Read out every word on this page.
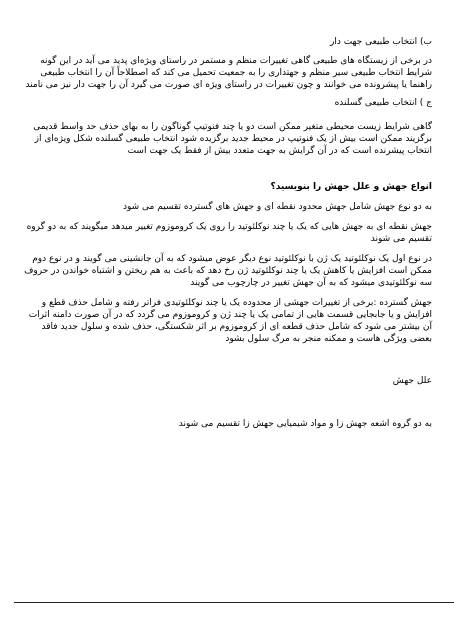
ب) انتخاب طبیعی جهت دار

در برخی از زیستگاه های طبیعی گاهی تغییرات منظم و مستمر در راستای ویژه‌ای پدید می آید در این گونه شرایط انتخاب طبیعی سیر منظم و جهتداری را به جمعیت تحمیل می کند که اصطلاحاً آن را انتخاب طبیعی راهنما یا پیشرونده می خوانند و چون تغییرات در راستای ویژه ای صورت می گیرد آن را جهت دار نیز می نامند

ج ) انتخاب طبیعی گسلنده

گاهی شرایط زیست محیطی متغیر ممکن است دو یا چند فنوتیپ گوناگون را به بهای حذف حد واسط قدیمی برگزیند ممکن است بیش از یک فنوتیپ در محیط جدید برگزیده شود انتخاب طبیعی گسلنده شکل ویژه‌ای از انتخاب پیشرنده است که در آن گرایش به جهت متعدد بیش از فقط یک جهت است

انواع جهش و علل جهش را بنویسید؟

به دو نوع جهش شامل جهش محدود نقطه ای و جهش های گسترده تقسیم می شود

جهش نقطه ای به جهش هایی که یک یا چند نوکلئوتید را روی یک کروموزوم تغییر میدهد میگویند که به دو گروه تقسیم می شوند

در نوع اول یک نوکلئوتید یک ژن با نوکلئوتید نوع دیگر عوض میشود که به آن جانشینی می گویند و در نوع دوم ممکن است افزایش یا کاهش یک یا چند نوکلئوتید ژن رخ دهد که باعث به هم ریختن و اشتباه خواندن در حروف سه نوکلئوتیدی میشود که به آن جهش تغییر در چارچوب می گویند

جهش گسترده :برخی از تغییرات جهشی از محدوده یک یا چند نوکلئوتیدی فراتر رفته و شامل حذف قطع و افزایش و یا جابجایی قسمت هایی از تمامی یک یا چند ژن و کروموزوم می گردد که در آن صورت دامنه اثرات آن بیشتر می شود که شامل حذف قطعه ای از کروموزوم بر اثر شکستگی، حذف شده و سلول جدید فاقد بعضی ویژگی هاست و ممکنه منجر به مرگ سلول بشود

علل جهش

به دو گروه اشعه جهش زا و مواد شیمیایی جهش زا تقسیم می شوند
